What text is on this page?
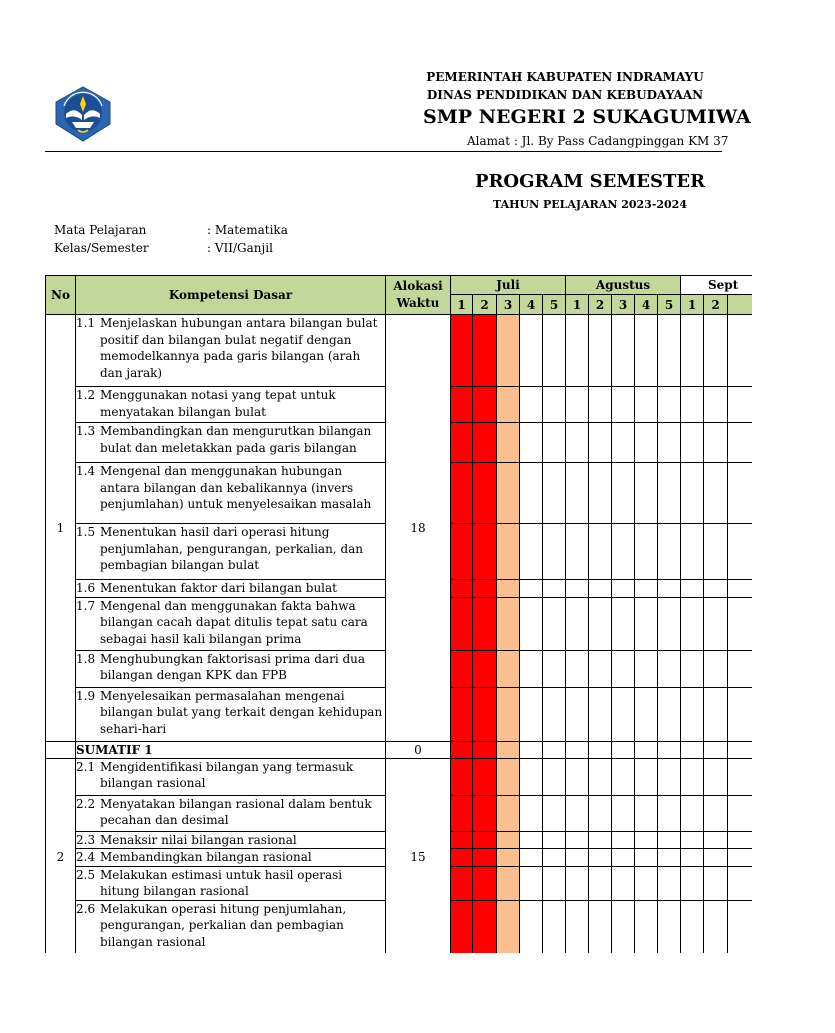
PEMERINTAH KABUPATEN INDRAMAYU
DINAS PENDIDIKAN DAN KEBUDAYAAN
SMP NEGERI 2 SUKAGUMIWA
Alamat : Jl. By Pass Cadangpinggan KM 37
PROGRAM SEMESTER
TAHUN PELAJARAN 2023-2024
Mata Pelajaran	: Matematika
Kelas/Semester	: VII/Ganjil
No	Kompetensi Dasar	Alokasi
Waktu	Juli					Agustus					Sept		
			1	2	3	4	5	1	2	3	4	5	1	2	
1	1.1 Menjelaskan hubungan antara bilangan bulat positif dan bilangan bulat negatif dengan memodelkannya pada garis bilangan (arah dan jarak)	18													

	1.2 Menggunakan notasi yang tepat untuk menyatakan bilangan bulat														

	1.3 Membandingkan dan mengurutkan bilangan bulat dan meletakkan pada garis bilangan														

	1.4 Mengenal dan menggunakan hubungan antara bilangan dan kebalikannya (invers penjumlahan) untuk menyelesaikan masalah														

	1.5 Menentukan hasil dari operasi hitung penjumlahan, pengurangan, perkalian, dan pembagian bilangan bulat														

	1.6 Menentukan faktor dari bilangan bulat														

	1.7 Mengenal dan menggunakan fakta bahwa bilangan cacah dapat ditulis tepat satu cara sebagai hasil kali bilangan prima														

	1.8 Menghubungkan faktorisasi prima dari dua bilangan dengan KPK dan FPB														

	1.9 Menyelesaikan permasalahan mengenai bilangan bulat yang terkait dengan kehidupan sehari-hari														

	SUMATIF 1	0													
2	2.1 Mengidentifikasi bilangan yang termasuk bilangan rasional	15													

	2.2 Menyatakan bilangan rasional dalam bentuk pecahan dan desimal														

	2.3 Menaksir nilai bilangan rasional														

	2.4 Membandingkan bilangan rasional														

	2.5 Melakukan estimasi untuk hasil operasi hitung bilangan rasional														

	2.6 Melakukan operasi hitung penjumlahan, pengurangan, perkalian dan pembagian bilangan rasional														
